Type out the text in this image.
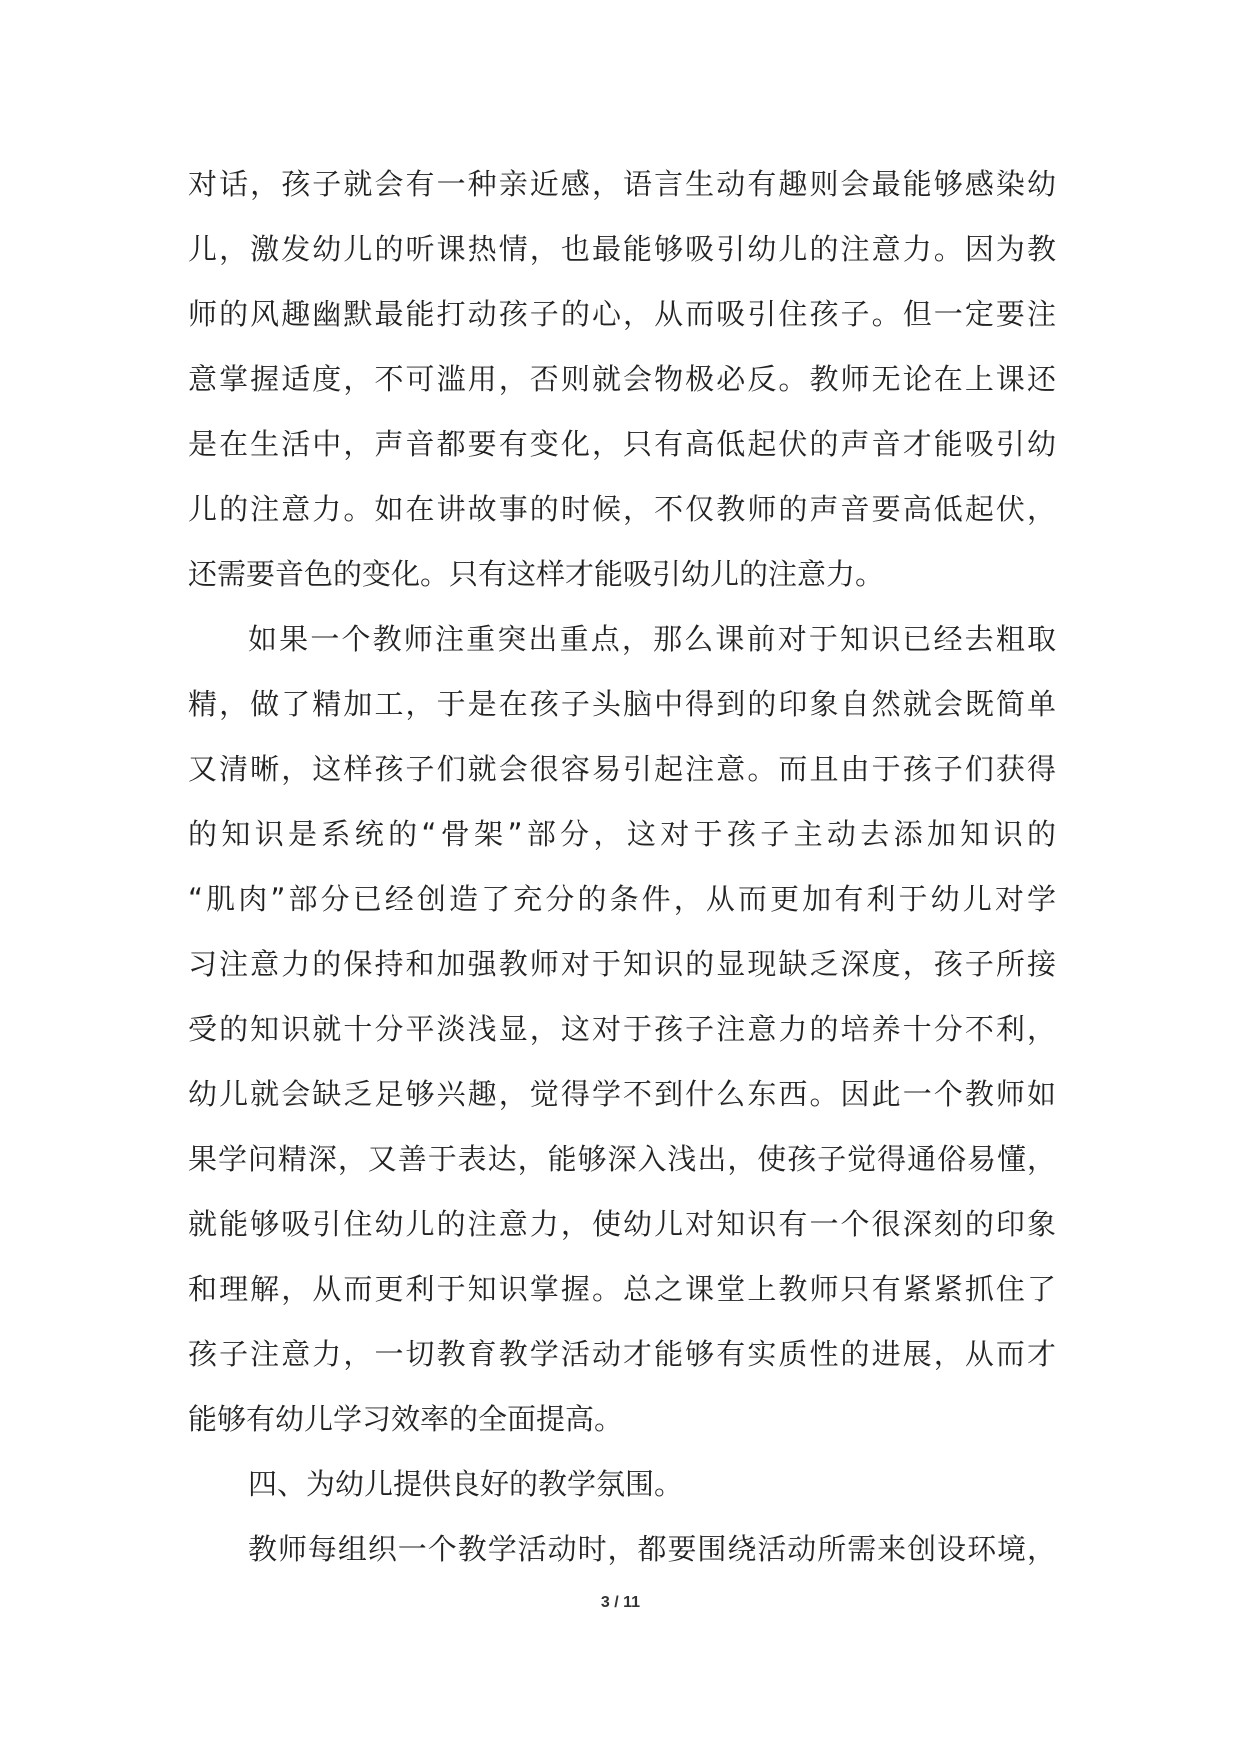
对话，孩子就会有一种亲近感，语言生动有趣则会最能够感染幼
儿，激发幼儿的听课热情，也最能够吸引幼儿的注意力。因为教
师的风趣幽默最能打动孩子的心，从而吸引住孩子。但一定要注
意掌握适度，不可滥用，否则就会物极必反。教师无论在上课还
是在生活中，声音都要有变化，只有高低起伏的声音才能吸引幼
儿的注意力。如在讲故事的时候，不仅教师的声音要高低起伏，
还需要音色的变化。只有这样才能吸引幼儿的注意力。
如果一个教师注重突出重点，那么课前对于知识已经去粗取
精，做了精加工，于是在孩子头脑中得到的印象自然就会既简单
又清晰，这样孩子们就会很容易引起注意。而且由于孩子们获得
的知识是系统的“骨架”部分，这对于孩子主动去添加知识的
“肌肉”部分已经创造了充分的条件，从而更加有利于幼儿对学
习注意力的保持和加强教师对于知识的显现缺乏深度，孩子所接
受的知识就十分平淡浅显，这对于孩子注意力的培养十分不利，
幼儿就会缺乏足够兴趣，觉得学不到什么东西。因此一个教师如
果学问精深，又善于表达，能够深入浅出，使孩子觉得通俗易懂，
就能够吸引住幼儿的注意力，使幼儿对知识有一个很深刻的印象
和理解，从而更利于知识掌握。总之课堂上教师只有紧紧抓住了
孩子注意力，一切教育教学活动才能够有实质性的进展，从而才
能够有幼儿学习效率的全面提高。
四、为幼儿提供良好的教学氛围。
教师每组织一个教学活动时，都要围绕活动所需来创设环境，
3 / 11
